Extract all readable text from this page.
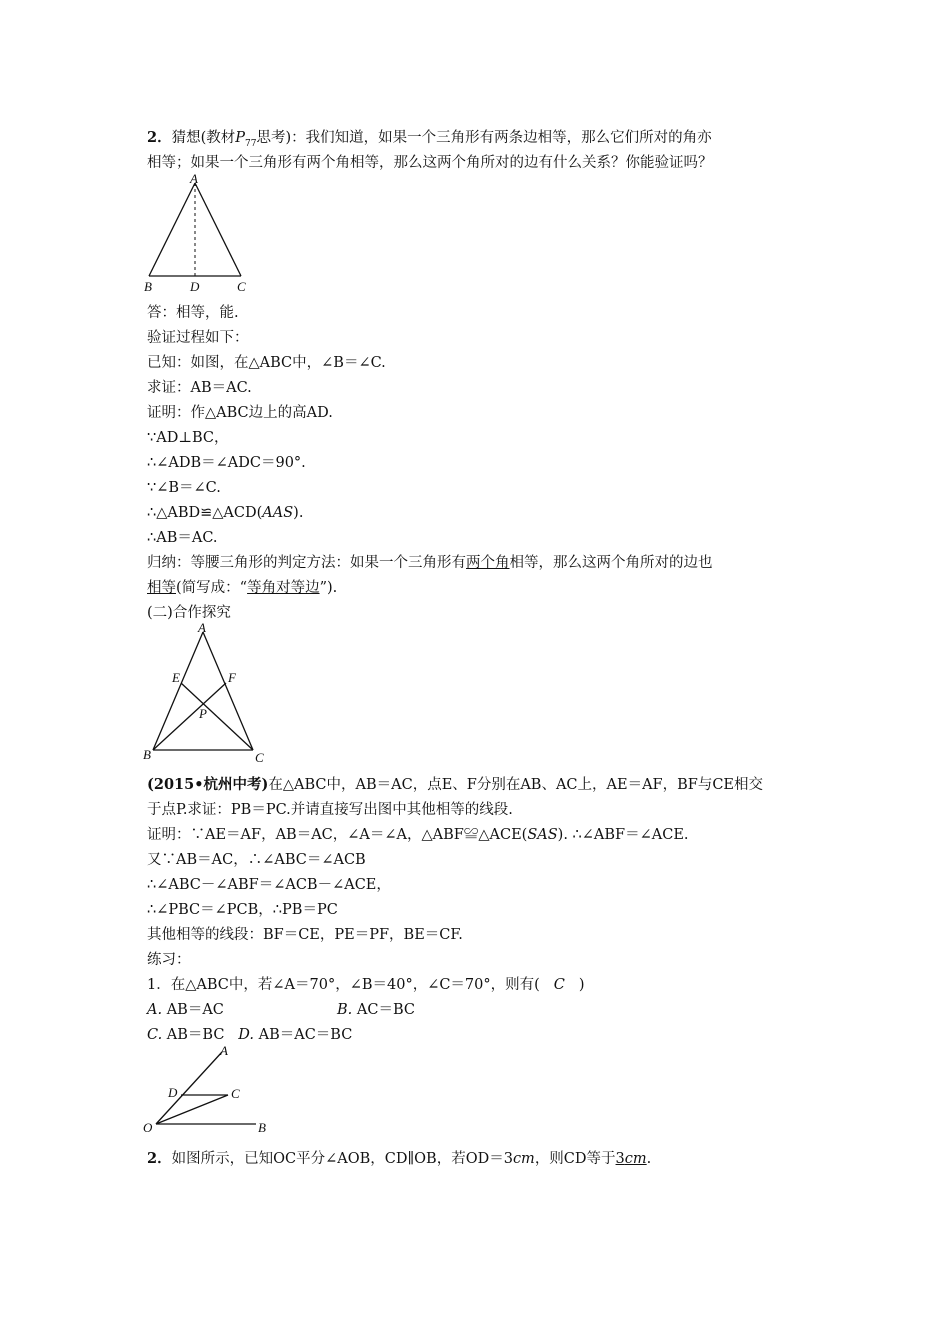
2．猜想(教材$P_{77}$思考)：我们知道，如果一个三角形有两条边相等，那么它们所对的角亦
相等；如果一个三角形有两个角相等，那么这两个角所对的边有什么关系？你能验证吗？
A
B	D	C
答：相等，能.
验证过程如下：
已知：如图，在△ABC中，∠B＝∠C.
求证：AB＝AC.
证明：作△ABC边上的高AD.
∵AD⊥BC，
∴∠ADB＝∠ADC＝90°.
∵∠B＝∠C.
∴△ABD≌△ACD(AAS).
∴AB＝AC.
归纳：等腰三角形的判定方法：如果一个三角形有两个角相等，那么这两个角所对的边也
相等(简写成：“等角对等边”).
(二)合作探究
A
E	F
P
B	C
(2015•杭州中考)在△ABC中，AB＝AC，点E、F分别在AB、AC上，AE＝AF，BF与CE相交
于点P.求证：PB＝PC.并请直接写出图中其他相等的线段.
证明：∵AE＝AF，AB＝AC，∠A＝∠A，△ABF≌△ACE(SAS). ∴∠ABF＝∠ACE.
又∵AB＝AC，∴∠ABC＝∠ACB
∴∠ABC－∠ABF＝∠ACB－∠ACE，
∴∠PBC＝∠PCB，∴PB＝PC
其他相等的线段：BF＝CE，PE＝PF，BE＝CF.
练习：
1．在△ABC中，若∠A＝70°，∠B＝40°，∠C＝70°，则有( C )
A. AB＝AC	B. AC＝BC
C. AB＝BC D. AB＝AC＝BC
A
D	C
O	B
2．如图所示，已知OC平分∠AOB，CD∥OB，若OD＝3cm，则CD等于3cm.
